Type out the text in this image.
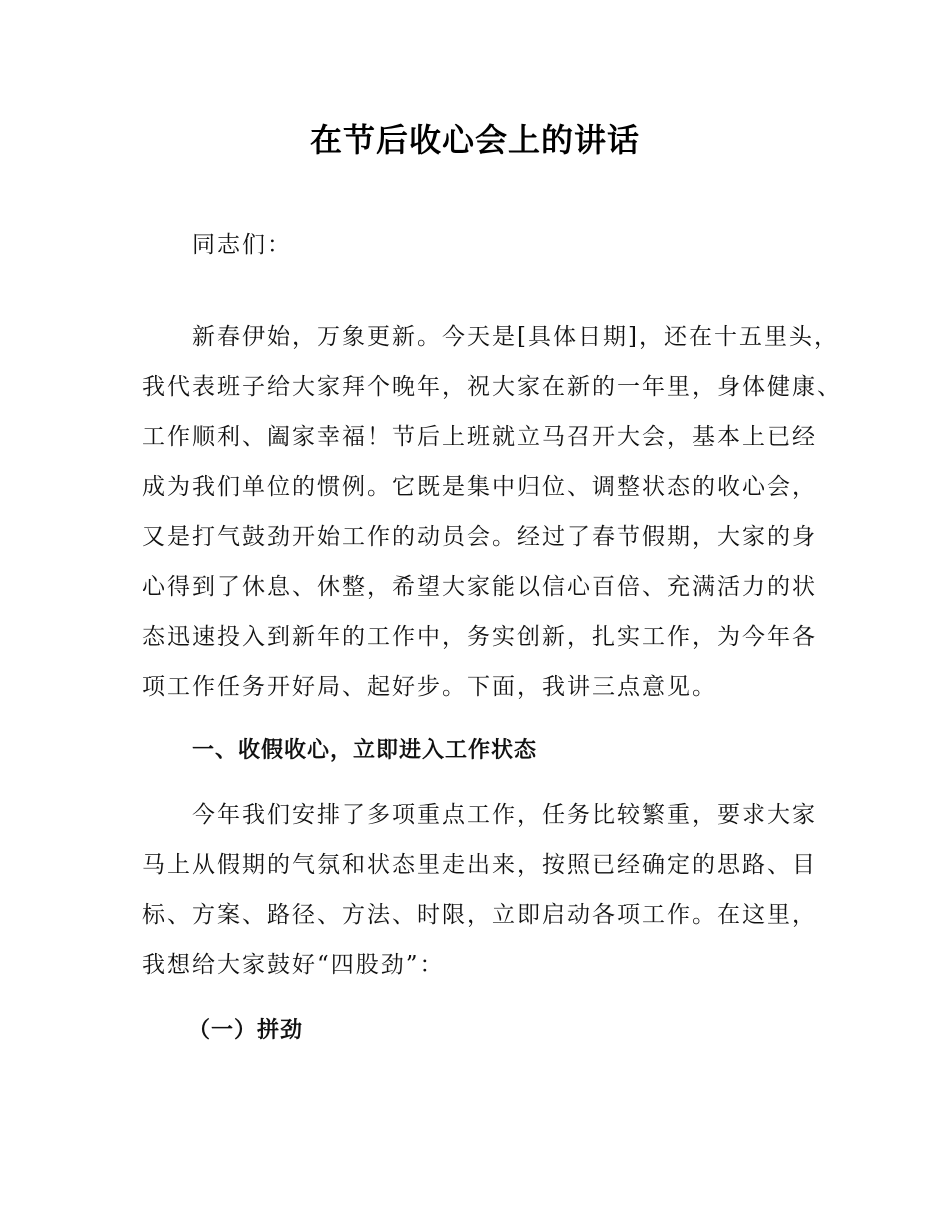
在节后收心会上的讲话
同志们：
新春伊始，万象更新。今天是[具体日期]，还在十五里头，
我代表班子给大家拜个晚年，祝大家在新的一年里，身体健康、
工作顺利、阖家幸福！节后上班就立马召开大会，基本上已经
成为我们单位的惯例。它既是集中归位、调整状态的收心会，
又是打气鼓劲开始工作的动员会。经过了春节假期，大家的身
心得到了休息、休整，希望大家能以信心百倍、充满活力的状
态迅速投入到新年的工作中，务实创新，扎实工作，为今年各
项工作任务开好局、起好步。下面，我讲三点意见。
一、收假收心，立即进入工作状态
今年我们安排了多项重点工作，任务比较繁重，要求大家
马上从假期的气氛和状态里走出来，按照已经确定的思路、目
标、方案、路径、方法、时限，立即启动各项工作。在这里，
我想给大家鼓好“四股劲”：
（一）拼劲
